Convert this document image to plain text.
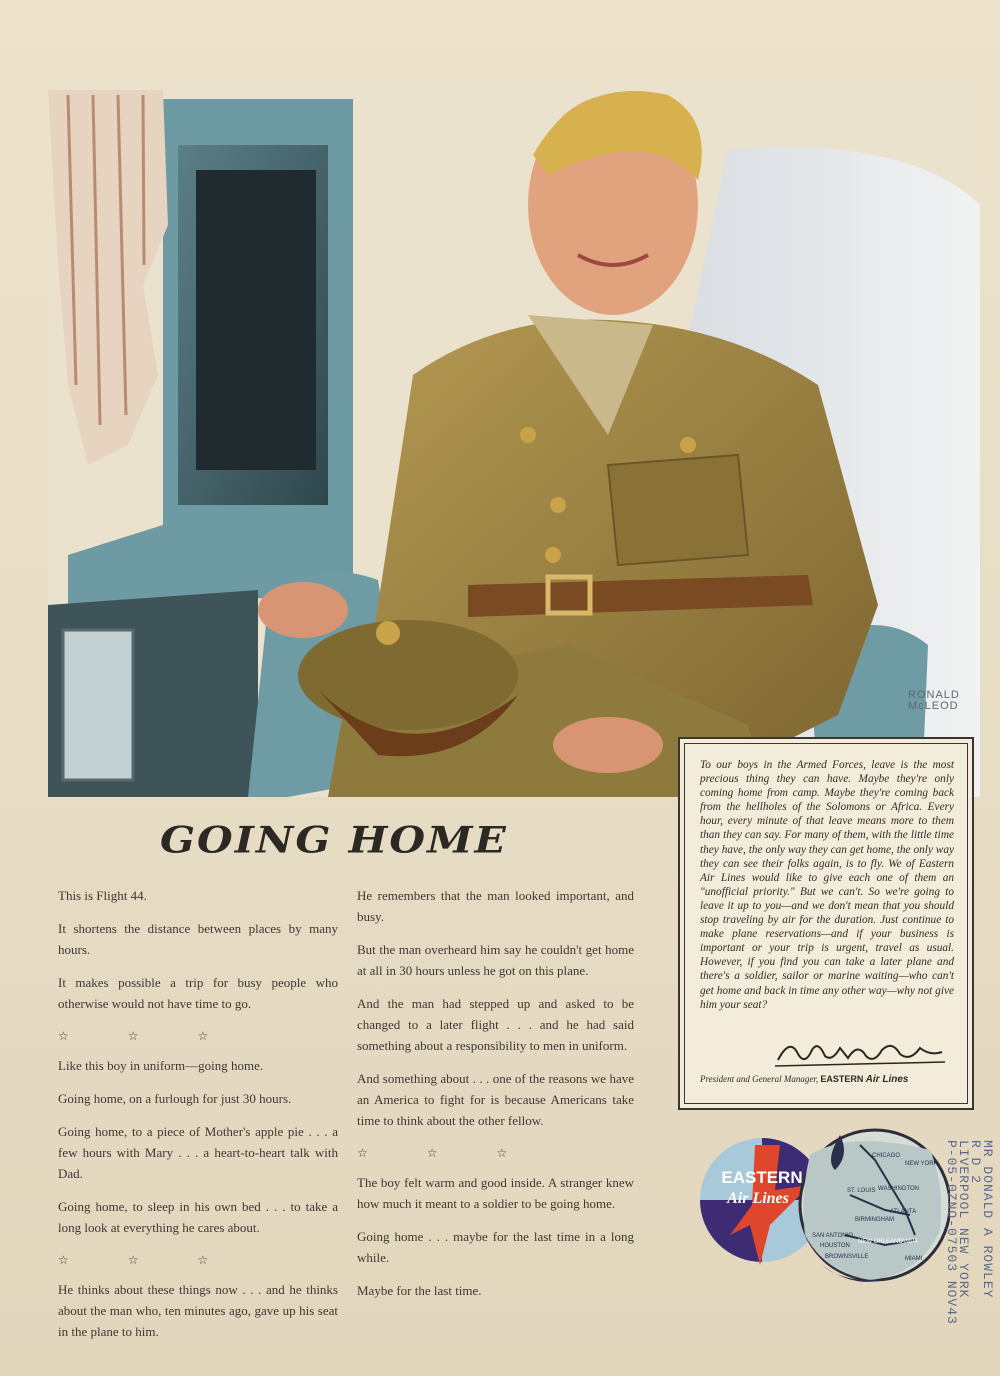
RONALD McLEOD
GOING HOME

This is Flight 44.

It shortens the distance between places by many hours.

It makes possible a trip for busy people who otherwise would not have time to go.

☆ ☆ ☆

Like this boy in uniform—going home.

Going home, on a furlough for just 30 hours.

Going home, to a piece of Mother's apple pie . . . a few hours with Mary . . . a heart-to-heart talk with Dad.

Going home, to sleep in his own bed . . . to take a long look at everything he cares about.

☆ ☆ ☆

He thinks about these things now . . . and he thinks about the man who, ten minutes ago, gave up his seat in the plane to him.

He remembers that the man looked important, and busy.

But the man overheard him say he couldn't get home at all in 30 hours unless he got on this plane.

And the man had stepped up and asked to be changed to a later flight . . . and he had said something about a responsibility to men in uniform.

And something about . . . one of the reasons we have an America to fight for is because Americans take time to think about the other fellow.

☆ ☆ ☆

The boy felt warm and good inside. A stranger knew how much it meant to a soldier to be going home.

Going home . . . maybe for the last time in a long while.

Maybe for the last time.

To our boys in the Armed Forces, leave is the most precious thing they can have. Maybe they're only coming home from camp. Maybe they're coming back from the hellholes of the Solomons or Africa. Every hour, every minute of that leave means more to them than they can say. For many of them, with the little time they have, the only way they can get home, the only way they can see their folks again, is to fly. We of Eastern Air Lines would like to give each one of them an "unofficial priority." But we can't. So we're going to leave it up to you—and we don't mean that you should stop traveling by air for the duration. Just continue to make plane reservations—and if your business is important or your trip is urgent, travel as usual. However, if you find you can take a later plane and there's a soldier, sailor or marine waiting—who can't get home and back in time any other way—why not give him your seat?

President and General Manager, EASTERN Air Lines

EASTERN
Air Lines
CHICAGO
NEW YORK
ST. LOUIS WASHINGTON
ATLANTA
BIRMINGHAM
SAN ANTONIO
HOUSTON
NEW ORLEANS
TAMPA
BROWNSVILLE	MIAMI	MR DONALD A ROWLEY
R D 2
LIVERPOOL NEW YORK
P-05-0ZNO-07503 NOV43
